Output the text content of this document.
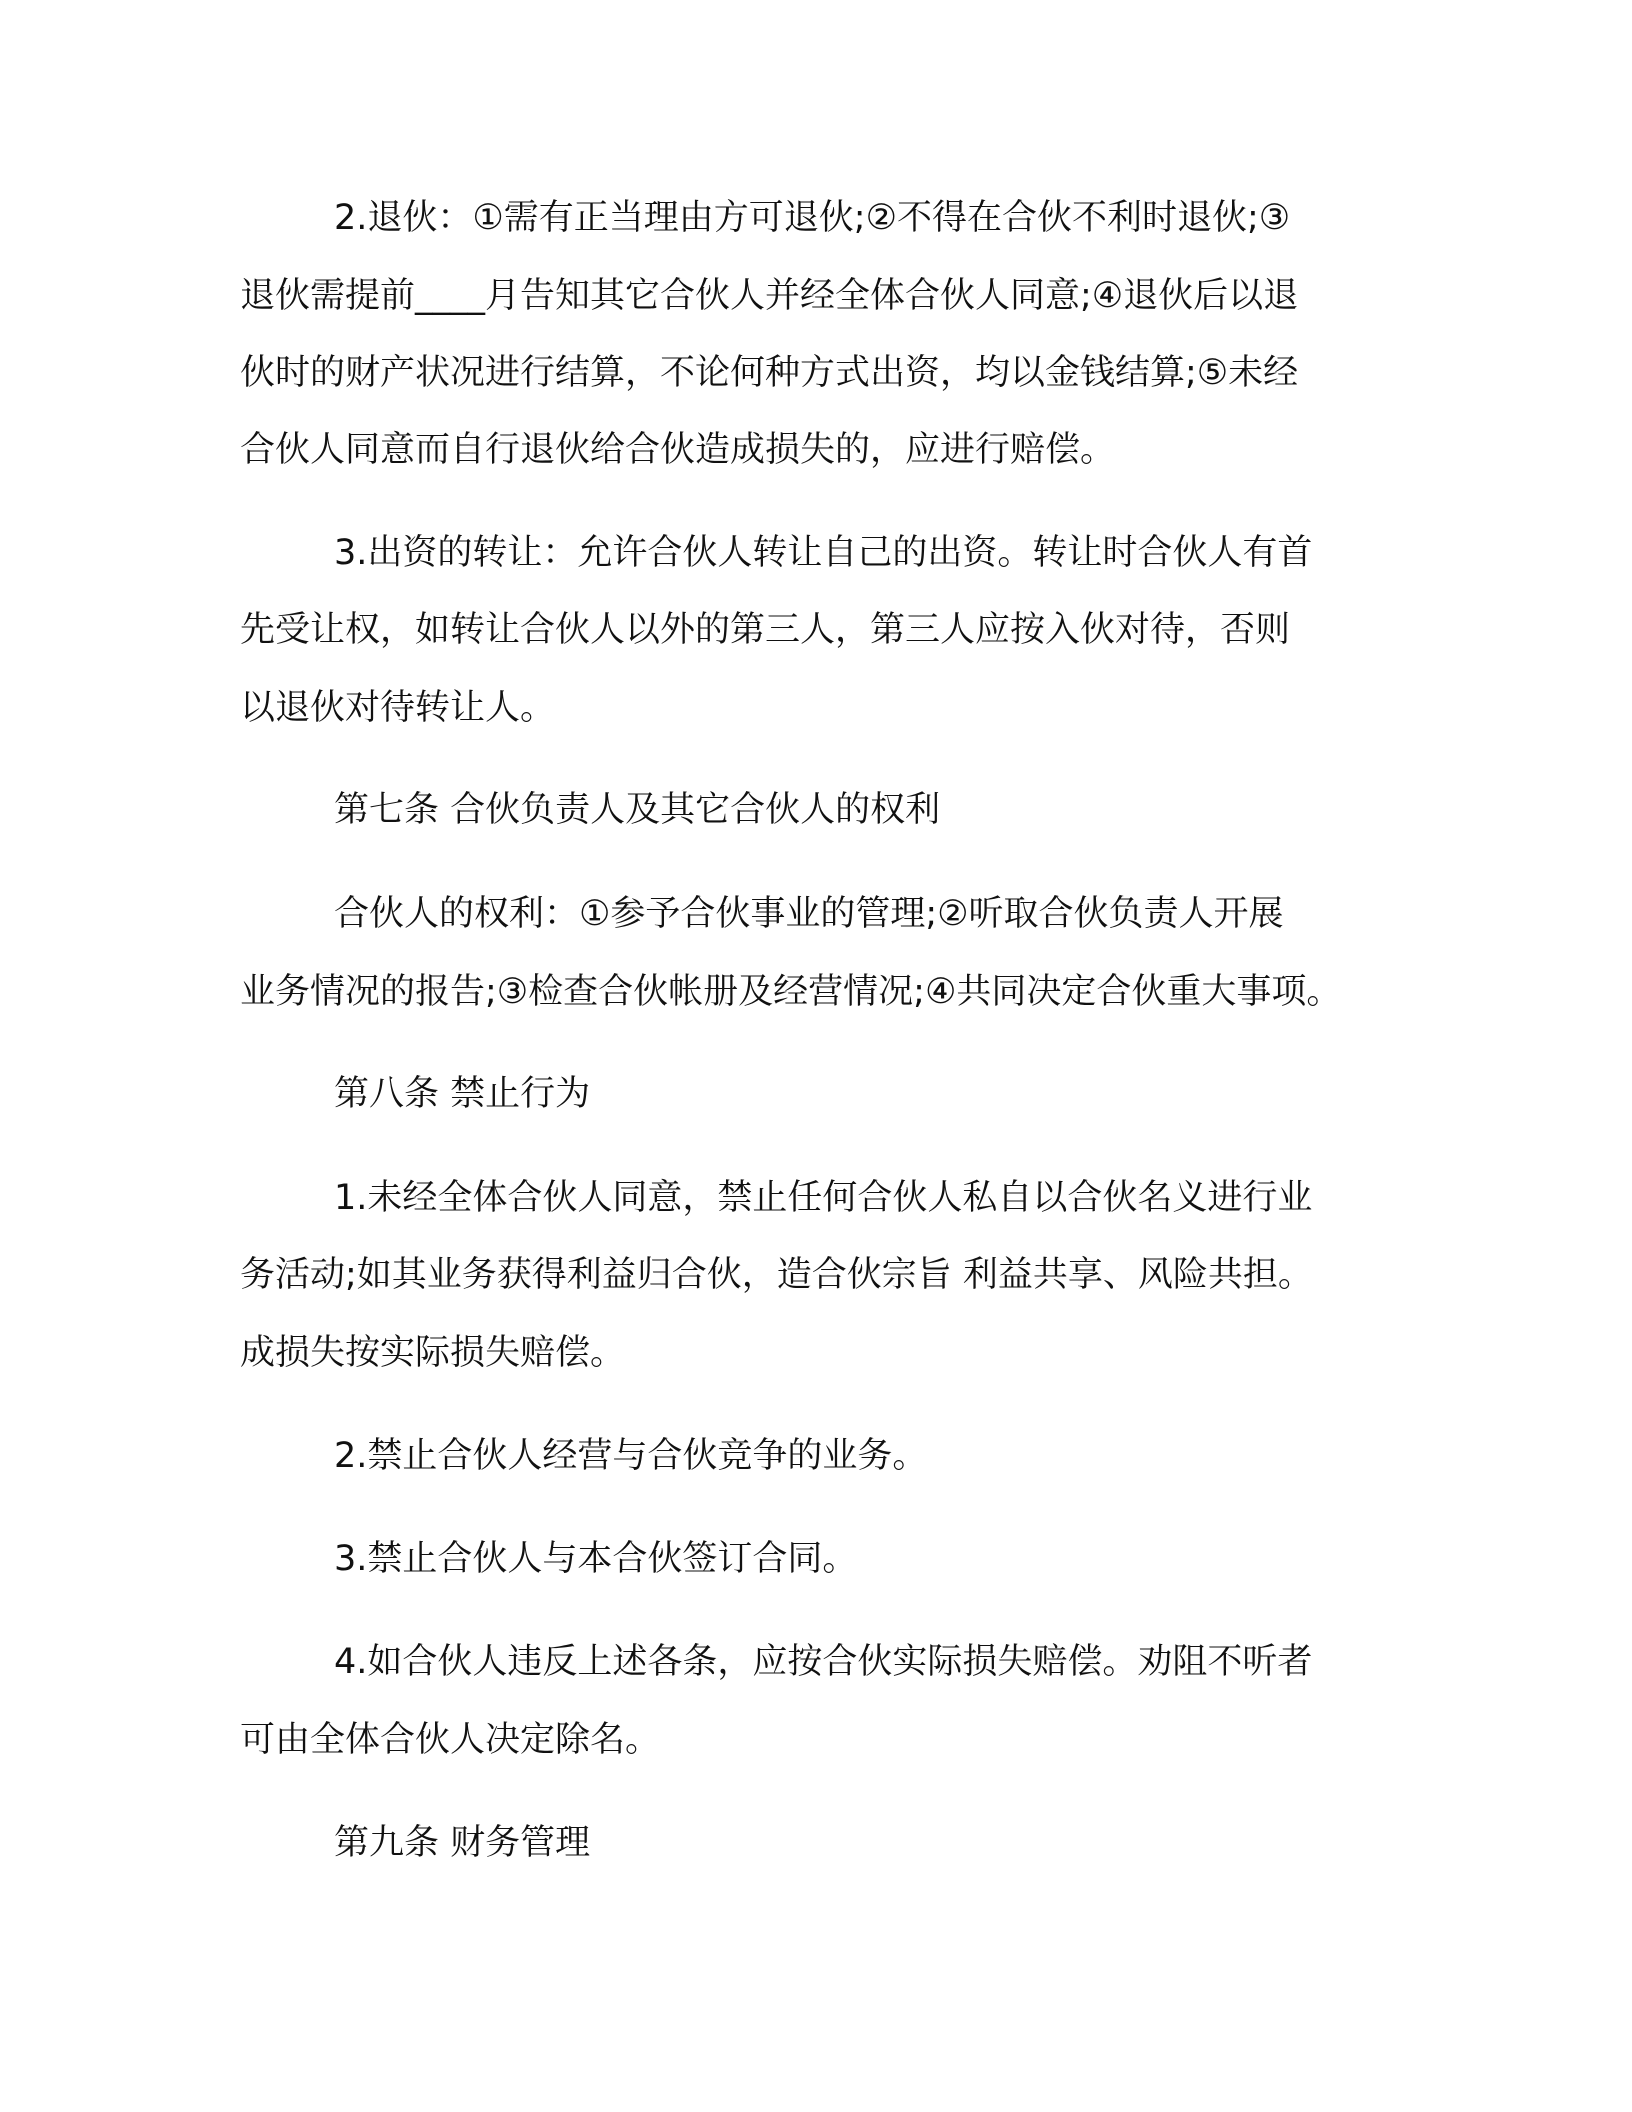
2.退伙：①需有正当理由方可退伙;②不得在合伙不利时退伙;③

退伙需提前____月告知其它合伙人并经全体合伙人同意;④退伙后以退

伙时的财产状况进行结算，不论何种方式出资，均以金钱结算;⑤未经

合伙人同意而自行退伙给合伙造成损失的，应进行赔偿。

3.出资的转让：允许合伙人转让自己的出资。转让时合伙人有首

先受让权，如转让合伙人以外的第三人，第三人应按入伙对待，否则

以退伙对待转让人。

第七条 合伙负责人及其它合伙人的权利

合伙人的权利：①参予合伙事业的管理;②听取合伙负责人开展

业务情况的报告;③检查合伙帐册及经营情况;④共同决定合伙重大事项。

第八条 禁止行为

1.未经全体合伙人同意，禁止任何合伙人私自以合伙名义进行业

务活动;如其业务获得利益归合伙，造合伙宗旨 利益共享、风险共担。

成损失按实际损失赔偿。

2.禁止合伙人经营与合伙竞争的业务。

3.禁止合伙人与本合伙签订合同。

4.如合伙人违反上述各条，应按合伙实际损失赔偿。劝阻不听者

可由全体合伙人决定除名。

第九条 财务管理
